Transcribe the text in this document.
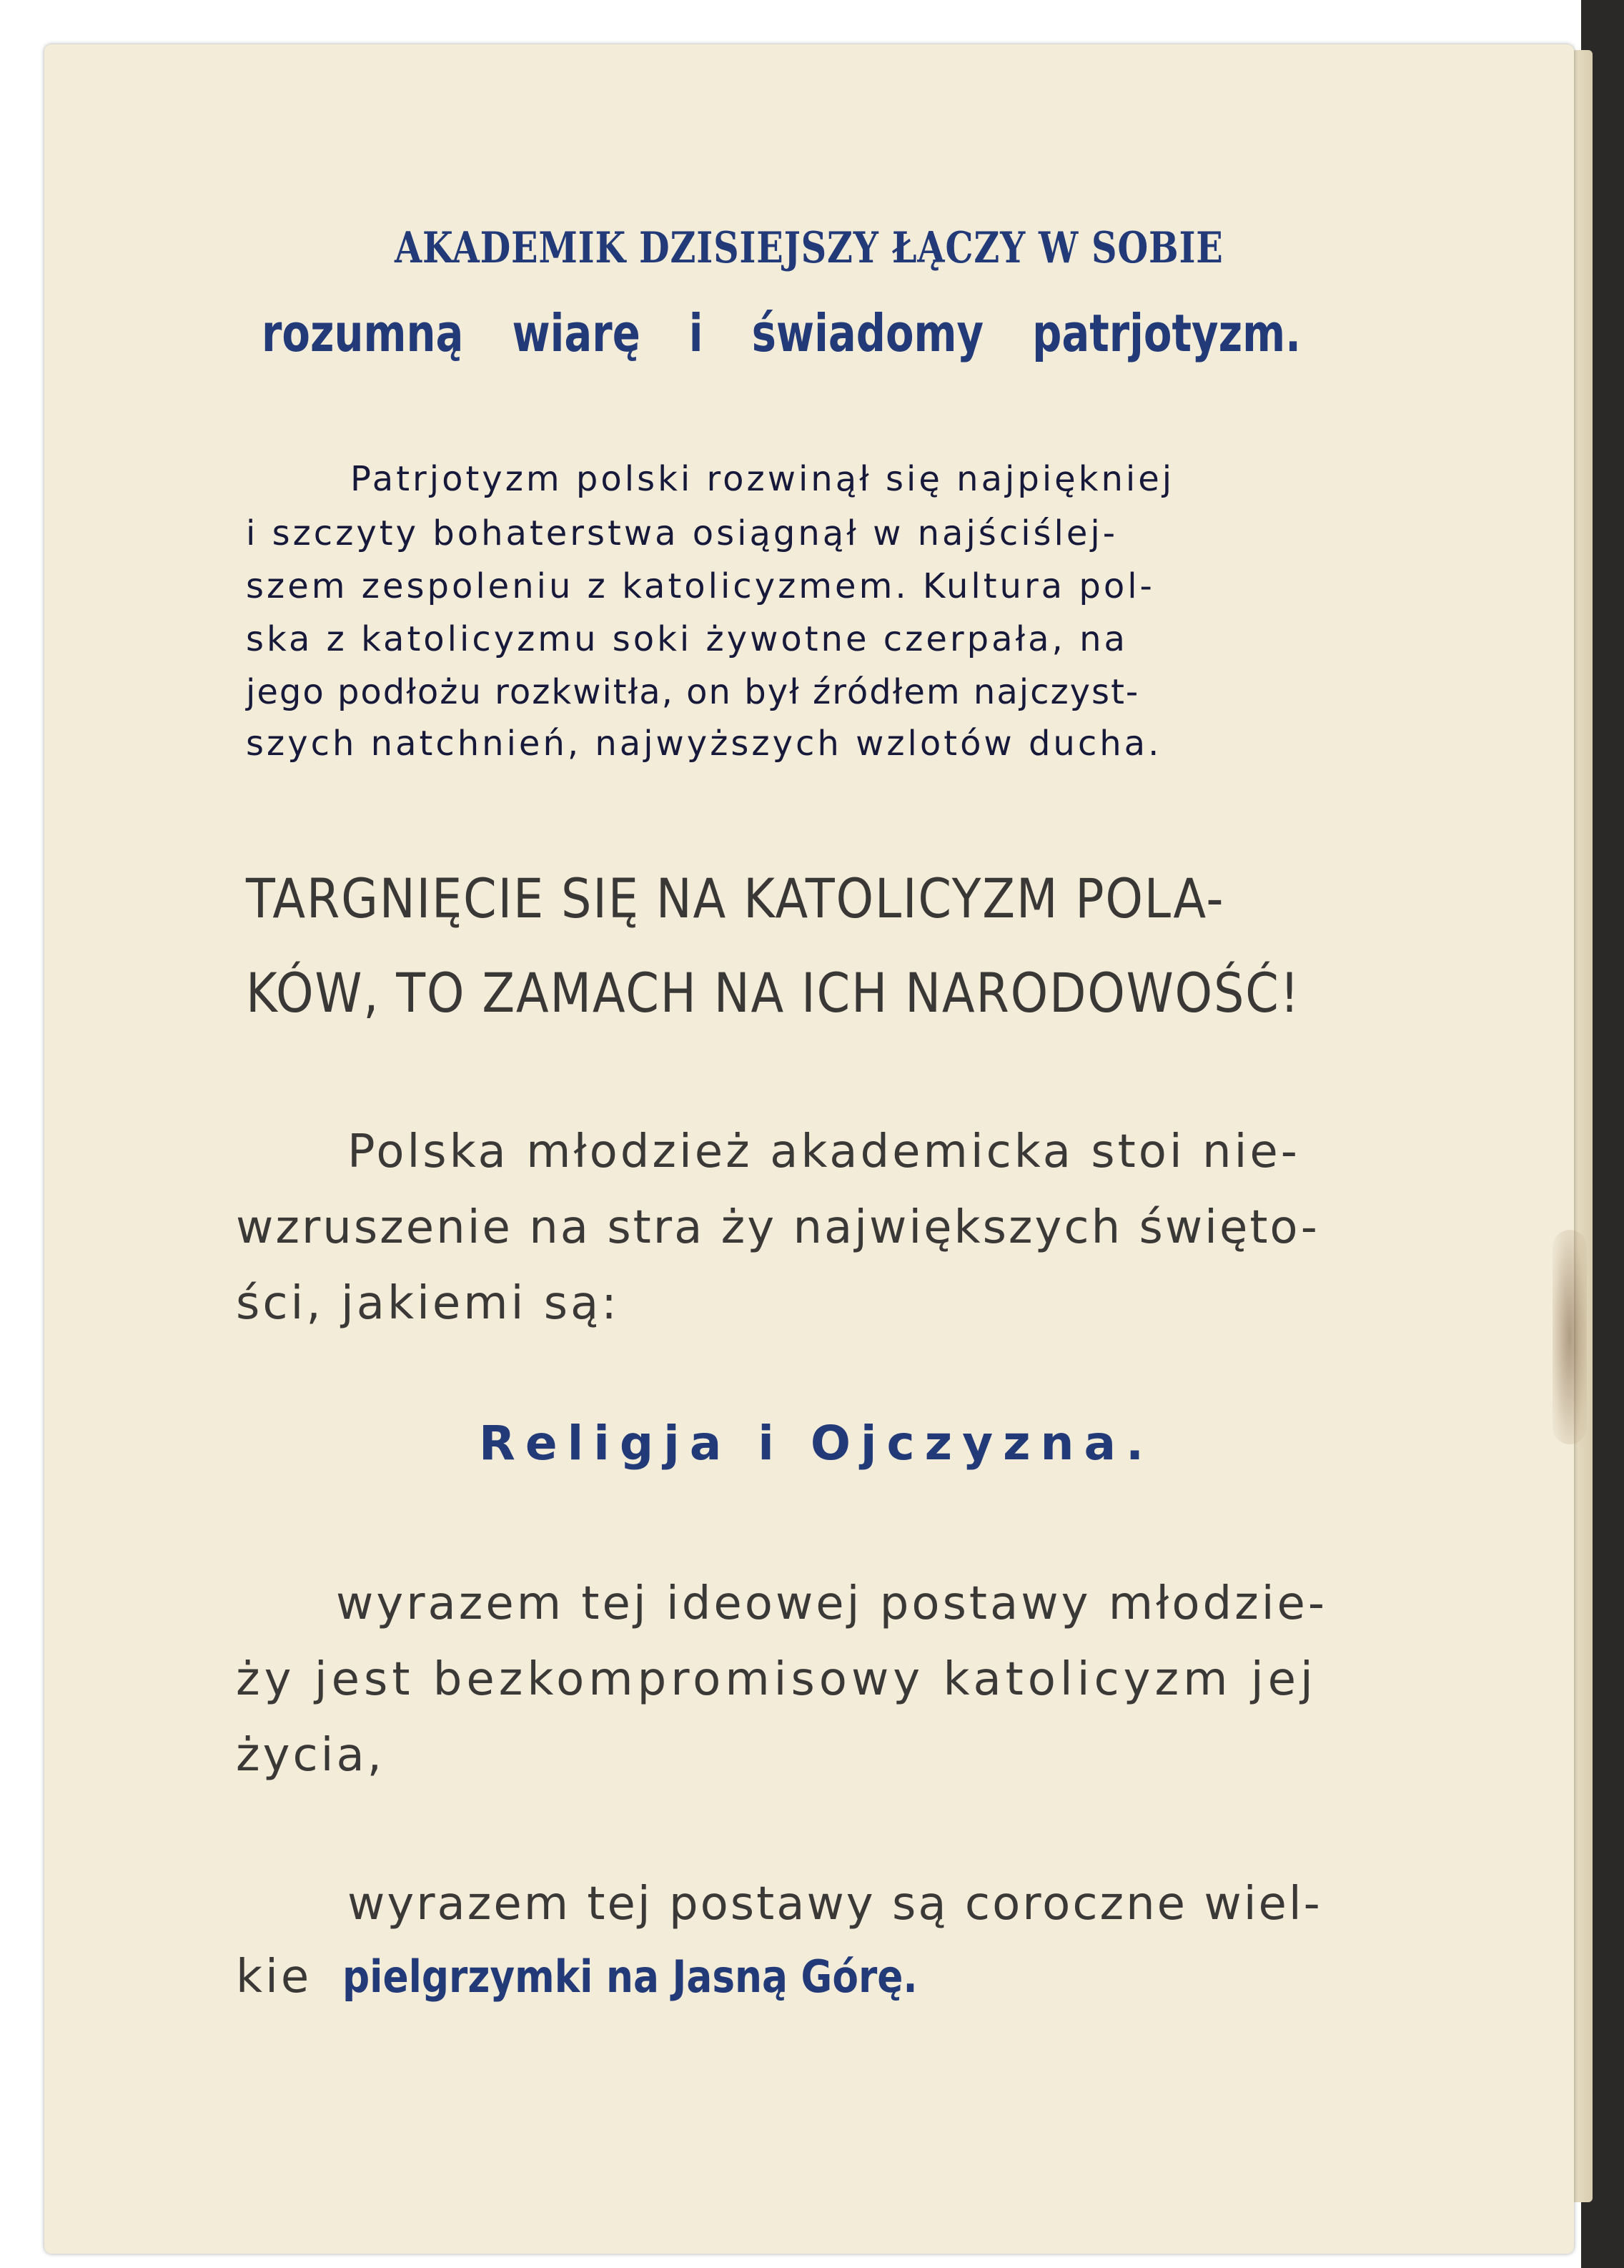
AKADEMIK DZISIEJSZY ŁĄCZY W SOBIE
rozumną wiarę i świadomy patrjotyzm.
Patrjotyzm polski rozwinął się najpiękniej
i szczyty bohaterstwa osiągnął w najściślej-
szem zespoleniu z katolicyzmem. Kultura pol-
ska z katolicyzmu soki żywotne czerpała, na
jego podłożu rozkwitła, on był źródłem najczyst-
szych natchnień, najwyższych wzlotów ducha.
TARGNIĘCIE SIĘ NA KATOLICYZM POLA-
KÓW, TO ZAMACH NA ICH NARODOWOŚĆ!
Polska młodzież akademicka stoi nie-
wzruszenie na stra ży największych święto-
ści, jakiemi są:
Religja i Ojczyzna.
wyrazem tej ideowej postawy młodzie-
ży jest bezkompromisowy katolicyzm jej
życia,
wyrazem tej postawy są coroczne wiel-
kie pielgrzymki na Jasną Górę.
